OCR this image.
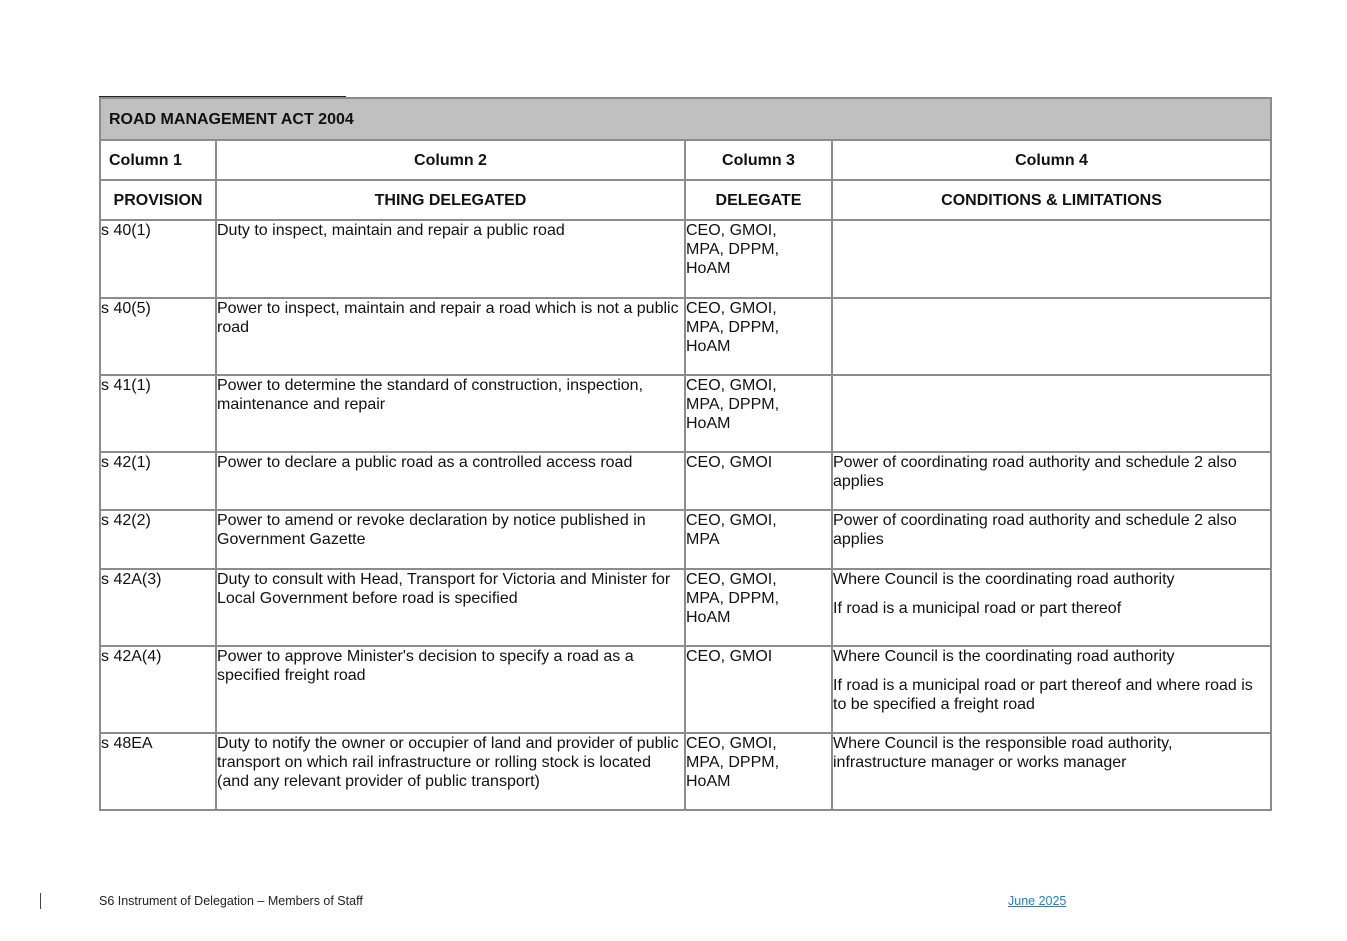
ROAD MANAGEMENT ACT 2004			
Column 1	Column 2	Column 3	Column 4
PROVISION	THING DELEGATED	DELEGATE	CONDITIONS & LIMITATIONS
s 40(1)	Duty to inspect, maintain and repair a public road	CEO, GMOI, MPA, DPPM, HoAM	

s 40(5)	Power to inspect, maintain and repair a road which is not a public road	CEO, GMOI, MPA, DPPM, HoAM	

s 41(1)	Power to determine the standard of construction, inspection, maintenance and repair	CEO, GMOI, MPA, DPPM, HoAM	

s 42(1)	Power to declare a public road as a controlled access road	CEO, GMOI	Power of coordinating road authority and schedule 2 also applies

s 42(2)	Power to amend or revoke declaration by notice published in Government Gazette	CEO, GMOI, MPA	Power of coordinating road authority and schedule 2 also applies

s 42A(3)	Duty to consult with Head, Transport for Victoria and Minister for Local Government before road is specified	CEO, GMOI, MPA, DPPM, HoAM	Where Council is the coordinating road authority

If road is a municipal road or part thereof

s 42A(4)	Power to approve Minister's decision to specify a road as a specified freight road	CEO, GMOI	Where Council is the coordinating road authority

If road is a municipal road or part thereof and where road is to be specified a freight road

s 48EA	Duty to notify the owner or occupier of land and provider of public transport on which rail infrastructure or rolling stock is located (and any relevant provider of public transport)	CEO, GMOI, MPA, DPPM, HoAM	Where Council is the responsible road authority, infrastructure manager or works manager

S6 Instrument of Delegation – Members of Staff	June 2025
